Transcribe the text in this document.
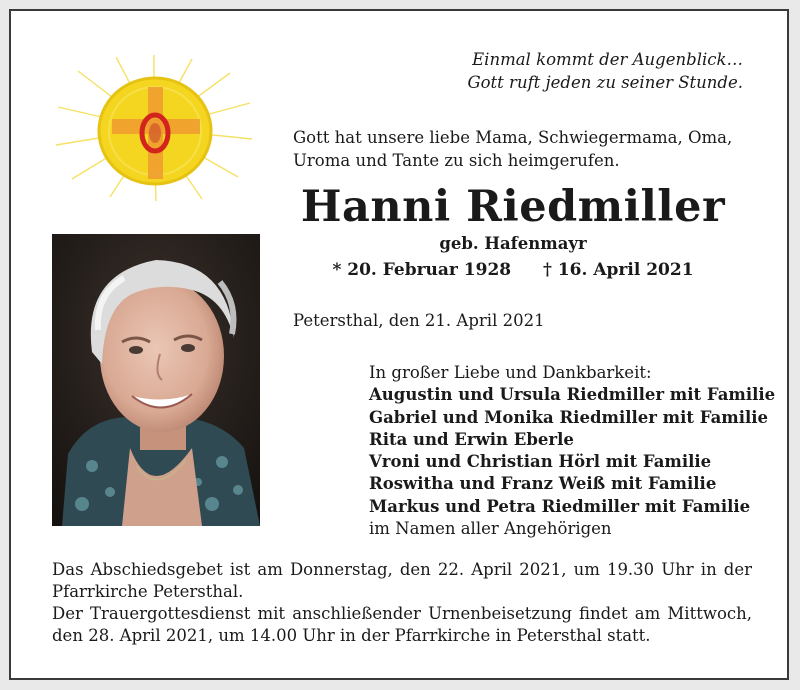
Einmal kommt der Augenblick…
Gott ruft jeden zu seiner Stunde.
Gott hat unsere liebe Mama, Schwiegermama, Oma,
Uroma und Tante zu sich heimgerufen.
Hanni Riedmiller
geb. Hafenmayr
* 20. Februar 1928 † 16. April 2021
Petersthal, den 21. April 2021
In großer Liebe und Dankbarkeit:
Augustin und Ursula Riedmiller mit Familie
Gabriel und Monika Riedmiller mit Familie
Rita und Erwin Eberle
Vroni und Christian Hörl mit Familie
Roswitha und Franz Weiß mit Familie
Markus und Petra Riedmiller mit Familie
im Namen aller Angehörigen
Das Abschiedsgebet ist am Donnerstag, den 22. April 2021, um 19.30 Uhr in der Pfarrkirche Petersthal.
Der Trauergottesdienst mit anschließender Urnenbeisetzung findet am Mittwoch, den 28. April 2021, um 14.00 Uhr in der Pfarrkirche in Petersthal statt.
